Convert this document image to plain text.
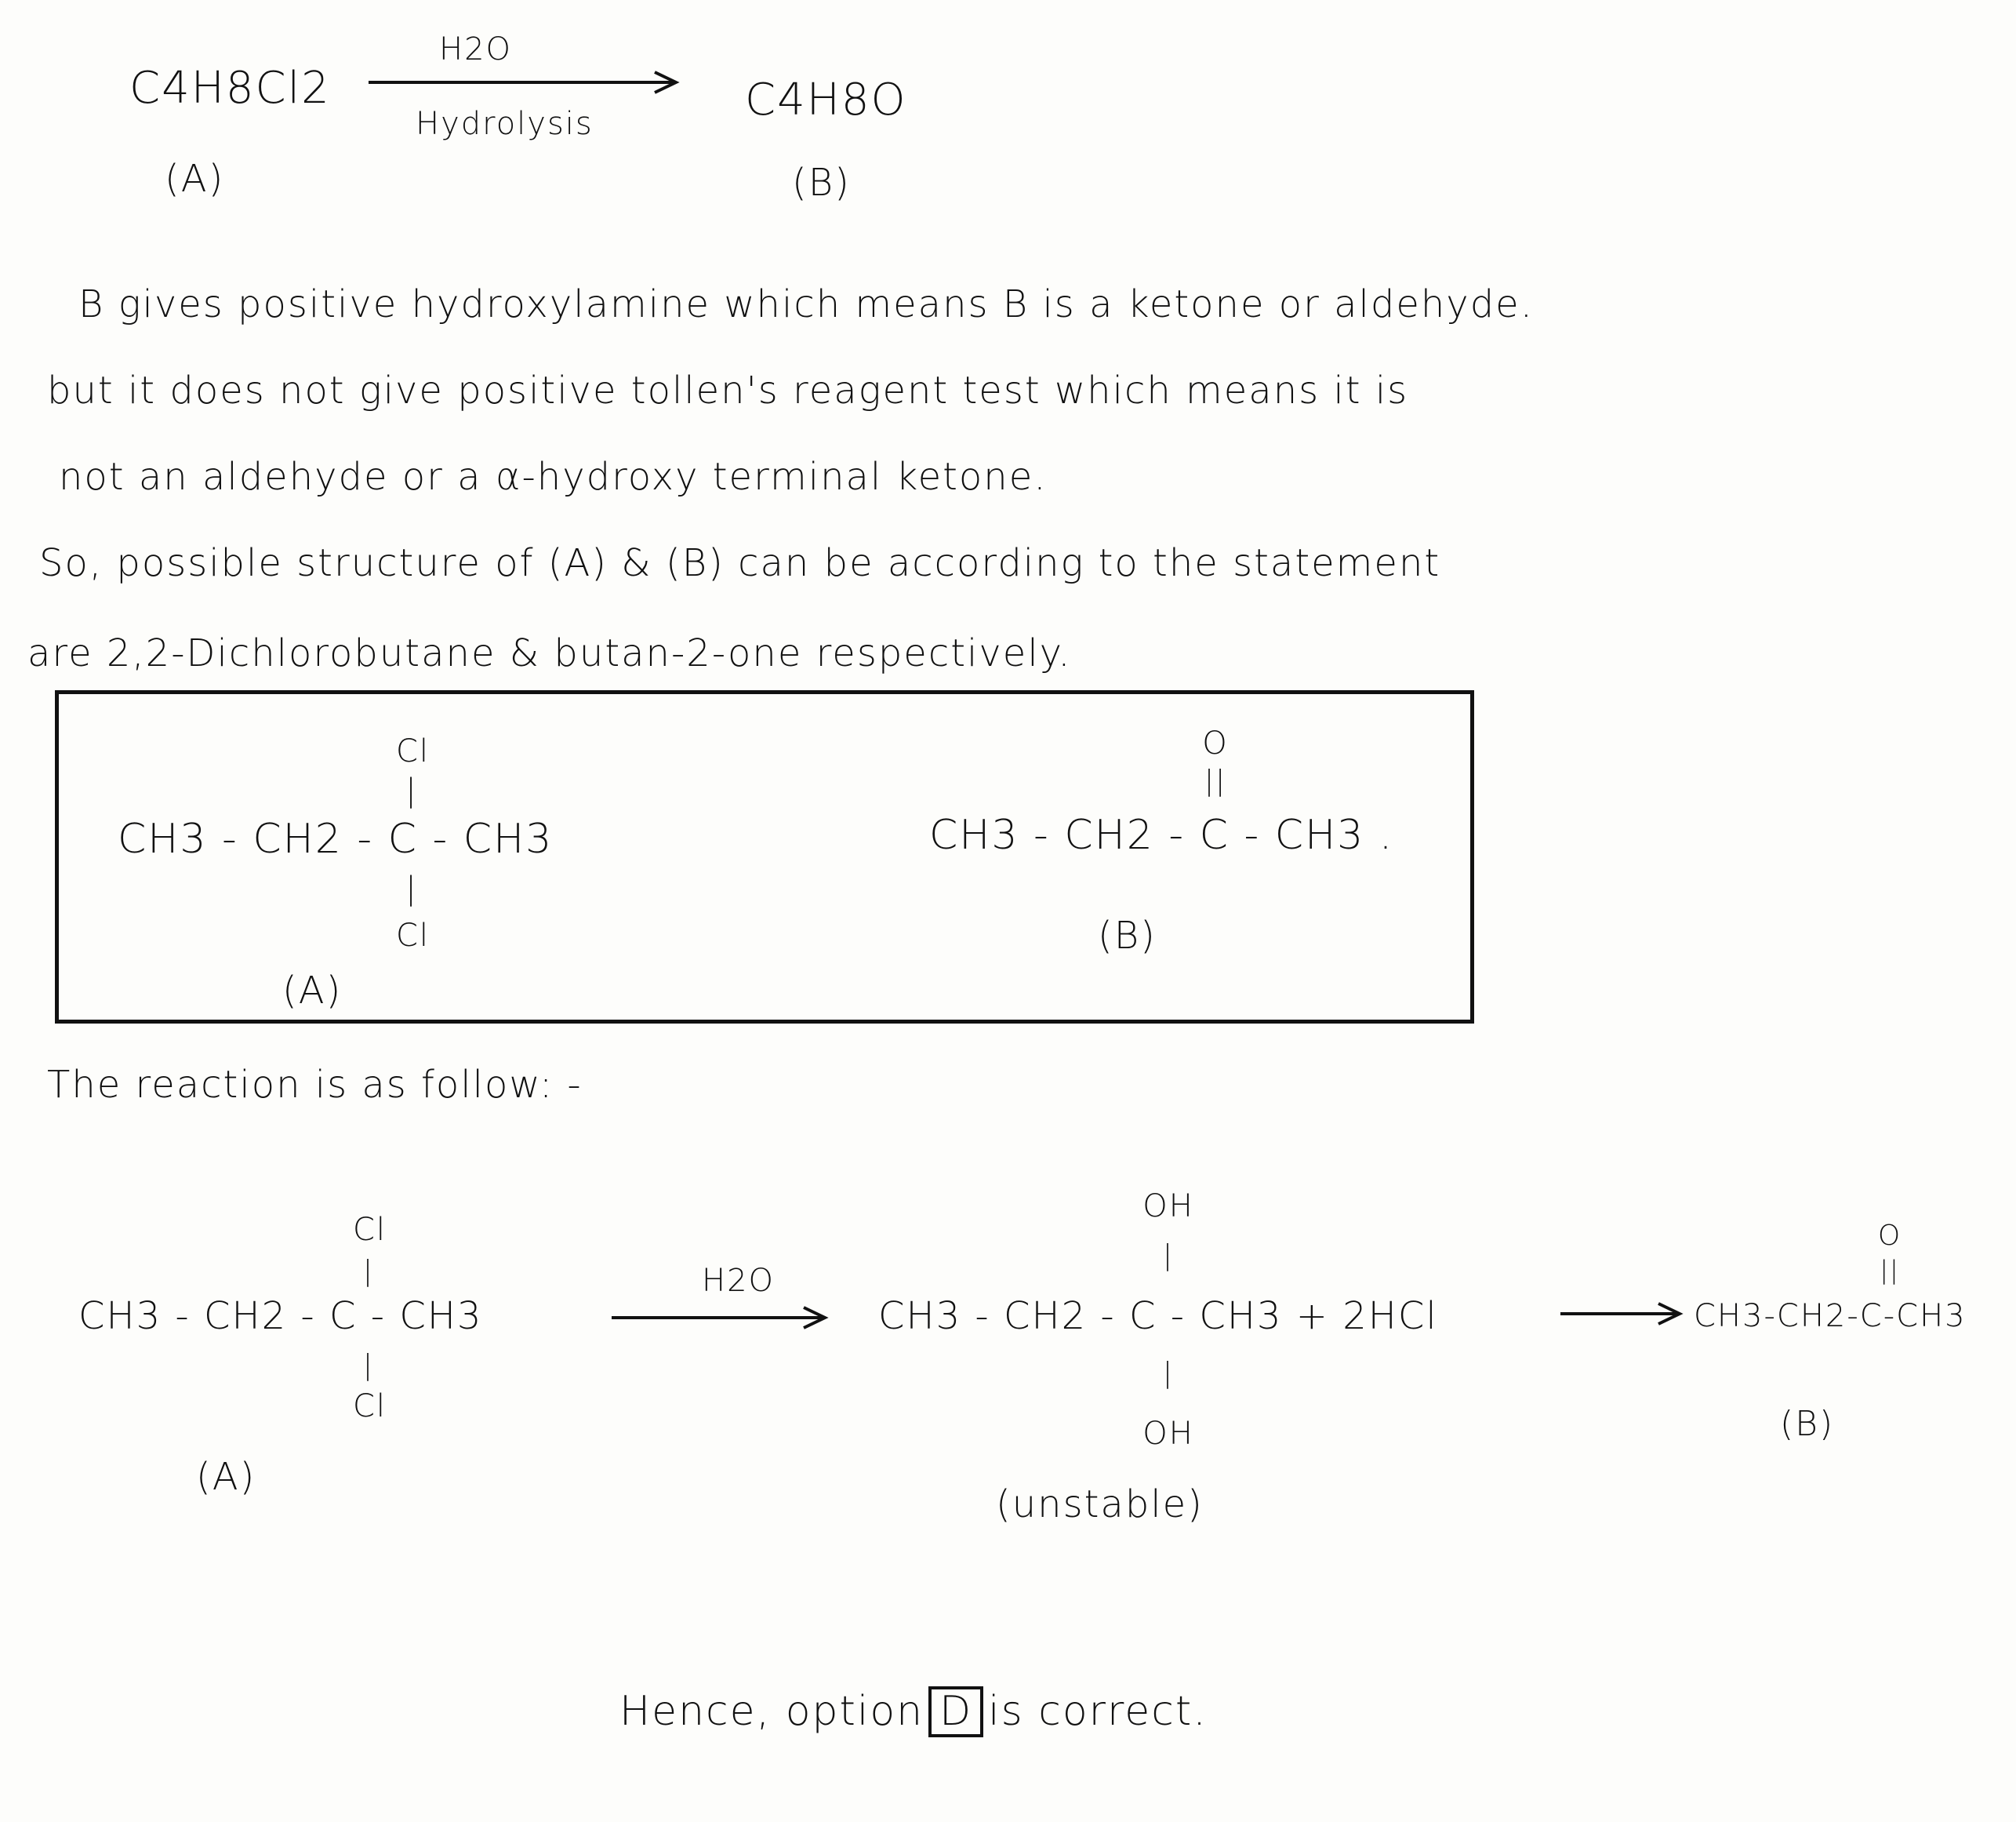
C4H8Cl2
(A)
H2O
Hydrolysis	C4H8O
(B)
B gives positive hydroxylamine which means B is a ketone or aldehyde.
but it does not give positive tollen's reagent test which means it is
not an aldehyde or a α-hydroxy terminal ketone.
So, possible structure of (A) & (B) can be according to the statement
are 2,2-Dichlorobutane & butan-2-one respectively.
Cl
|
CH3 - CH2 - C - CH3
|
Cl
(A)
O
||
CH3 - CH2 - C - CH3 .
(B)
The reaction is as follow: -
Cl
|
CH3 - CH2 - C - CH3
|
Cl
(A)
H2O
OH
|
CH3 - CH2 - C - CH3 + 2HCl
|
OH
(unstable)
O
||
CH3-CH2-C-CH3
(B)
Hence, option D is correct.
